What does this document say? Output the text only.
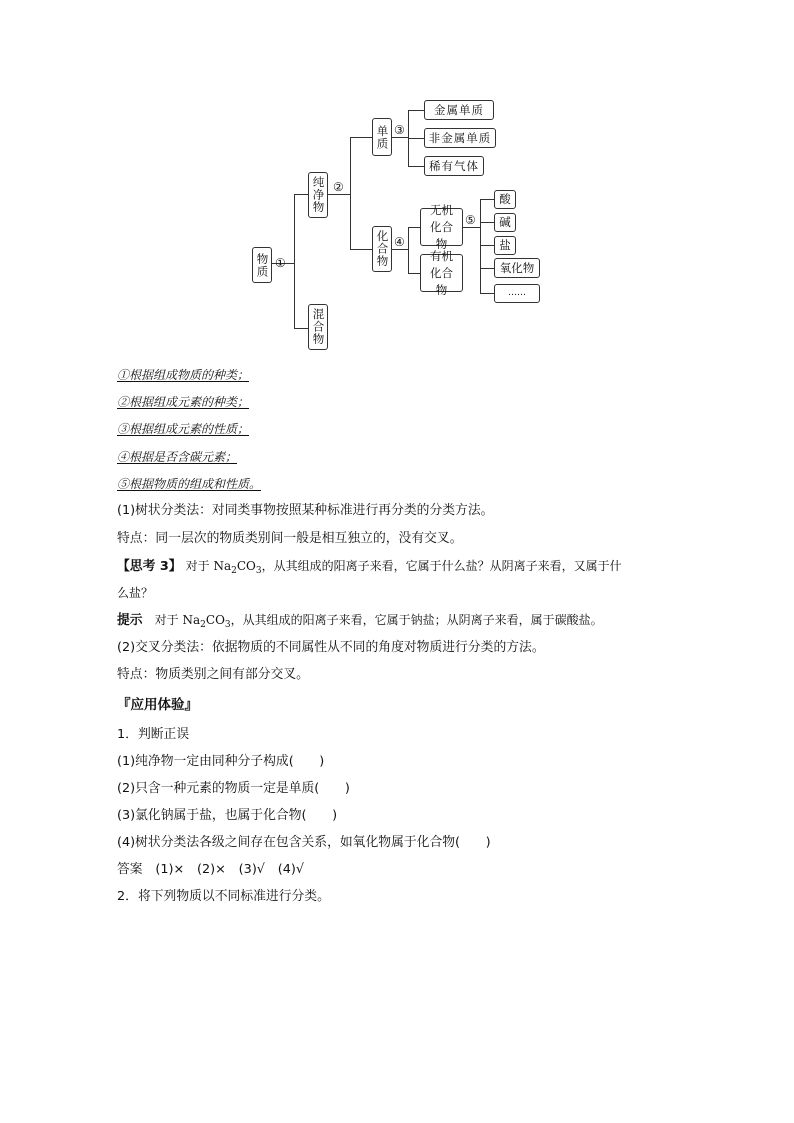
物质 ①
纯净物
混合物
②
单质 ③
金属单质
非金属单质
稀有气体
化合物 ④
无机化合物
有机化合物
⑤
酸
碱
盐
氧化物
……
①根据组成物质的种类；
②根据组成元素的种类；
③根据组成元素的性质；
④根据是否含碳元素；
⑤根据物质的组成和性质。
(1)树状分类法：对同类事物按照某种标准进行再分类的分类方法。
特点：同一层次的物质类别间一般是相互独立的，没有交叉。
【思考 3】 对于 $Na_2CO_3$，从其组成的阳离子来看，它属于什么盐？从阴离子来看，又属于什
么盐？
提示 对于 $Na_2CO_3$，从其组成的阳离子来看，它属于钠盐；从阴离子来看，属于碳酸盐。
(2)交叉分类法：依据物质的不同属性从不同的角度对物质进行分类的方法。
特点：物质类别之间有部分交叉。
『应用体验』
1．判断正误
(1)纯净物一定由同种分子构成(　　)
(2)只含一种元素的物质一定是单质(　　)
(3)氯化钠属于盐，也属于化合物(　　)
(4)树状分类法各级之间存在包含关系，如氧化物属于化合物(　　)
答案　(1)×　(2)×　(3)√　(4)√
2．将下列物质以不同标准进行分类。
